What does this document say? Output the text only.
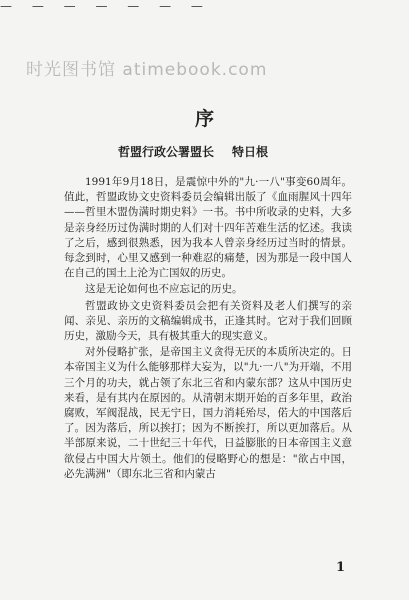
— — — — — — —
时光图书馆 atimebook.com
序
哲盟行政公署盟长 特日根

1991年9月18日，是震惊中外的"九·一八"事变60周年。值此，哲盟政协文史资料委员会编辑出版了《血雨腥风十四年——哲里木盟伪满时期史料》一书。书中所收录的史料，大多是亲身经历过伪满时期的人们对十四年苦难生活的忆述。我读了之后，感到很熟悉，因为我本人曾亲身经历过当时的情景。每念到时，心里又感到一种难忍的痛楚，因为那是一段中国人在自己的国土上沦为亡国奴的历史。

这是无论如何也不应忘记的历史。

哲盟政协文史资料委员会把有关资料及老人们撰写的亲闻、亲见、亲历的文稿编辑成书，正逢其时。它对于我们回顾历史，激励今天，具有极其重大的现实意义。

对外侵略扩张，是帝国主义贪得无厌的本质所决定的。日本帝国主义为什么能够那样大妄为，以"九·一八"为开端，不用三个月的功夫，就占领了东北三省和内蒙东部？这从中国历史来看，是有其内在原因的。从清朝末期开始的百多年里，政治腐败，军阀混战，民无宁日，国力消耗殆尽，偌大的中国落后了。因为落后，所以挨打；因为不断挨打，所以更加落后。从半部原来说，二十世纪三十年代，日益膨胀的日本帝国主义意欲侵占中国大片领土。他们的侵略野心的想是："欲占中国，必先满洲"（即东北三省和内蒙古

1
